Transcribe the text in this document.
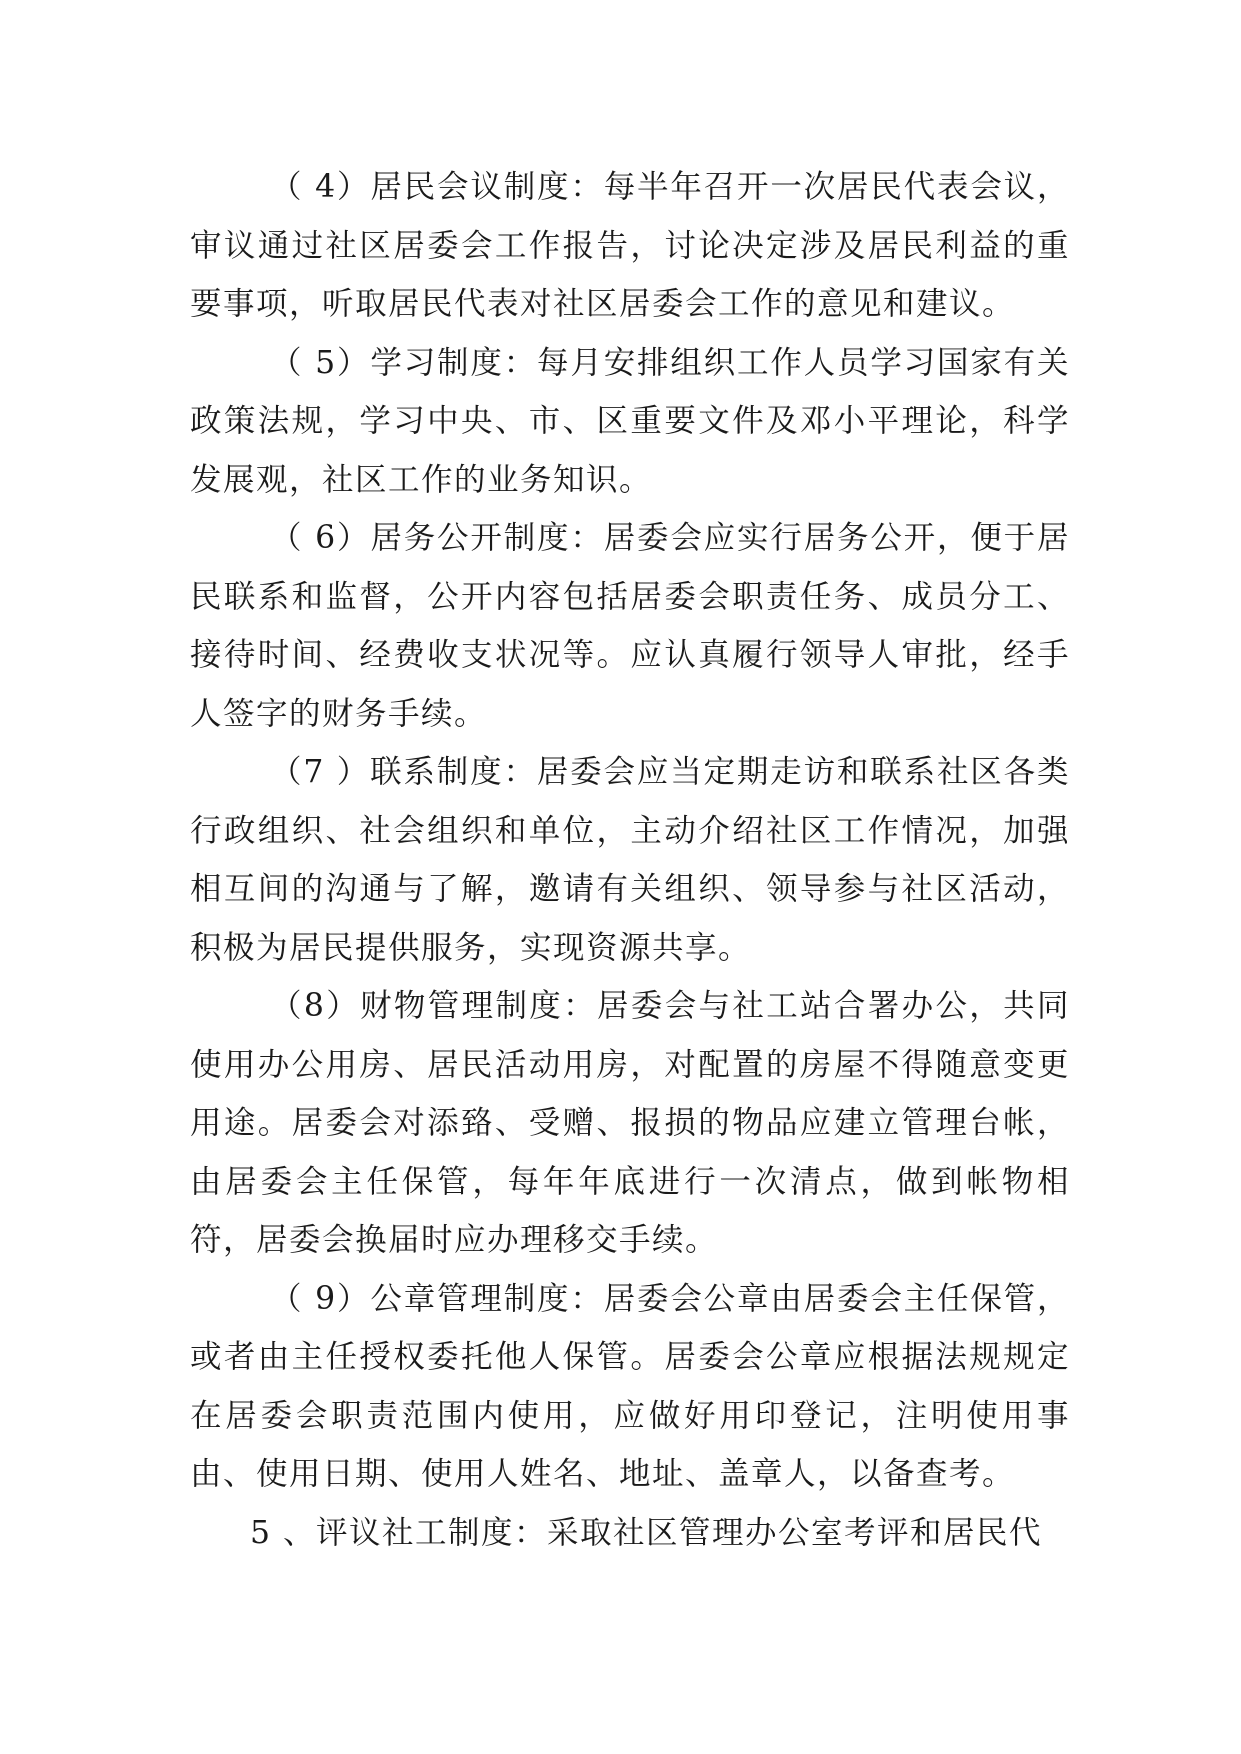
（ 4）居民会议制度：每半年召开一次居民代表会议，审议通过社区居委会工作报告，讨论决定涉及居民利益的重要事项，听取居民代表对社区居委会工作的意见和建议。

（ 5）学习制度：每月安排组织工作人员学习国家有关政策法规，学习中央、市、区重要文件及邓小平理论，科学发展观，社区工作的业务知识。

（ 6）居务公开制度：居委会应实行居务公开，便于居民联系和监督，公开内容包括居委会职责任务、成员分工、接待时间、经费收支状况等。应认真履行领导人审批，经手人签字的财务手续。

（7 ）联系制度：居委会应当定期走访和联系社区各类行政组织、社会组织和单位，主动介绍社区工作情况，加强相互间的沟通与了解，邀请有关组织、领导参与社区活动，积极为居民提供服务，实现资源共享。

（8）财物管理制度：居委会与社工站合署办公，共同使用办公用房、居民活动用房，对配置的房屋不得随意变更用途。居委会对添臵、受赠、报损的物品应建立管理台帐，由居委会主任保管，每年年底进行一次清点，做到帐物相符，居委会换届时应办理移交手续。

（ 9）公章管理制度：居委会公章由居委会主任保管，或者由主任授权委托他人保管。居委会公章应根据法规规定在居委会职责范围内使用，应做好用印登记，注明使用事由、使用日期、使用人姓名、地址、盖章人，以备查考。

5 、评议社工制度：采取社区管理办公室考评和居民代
